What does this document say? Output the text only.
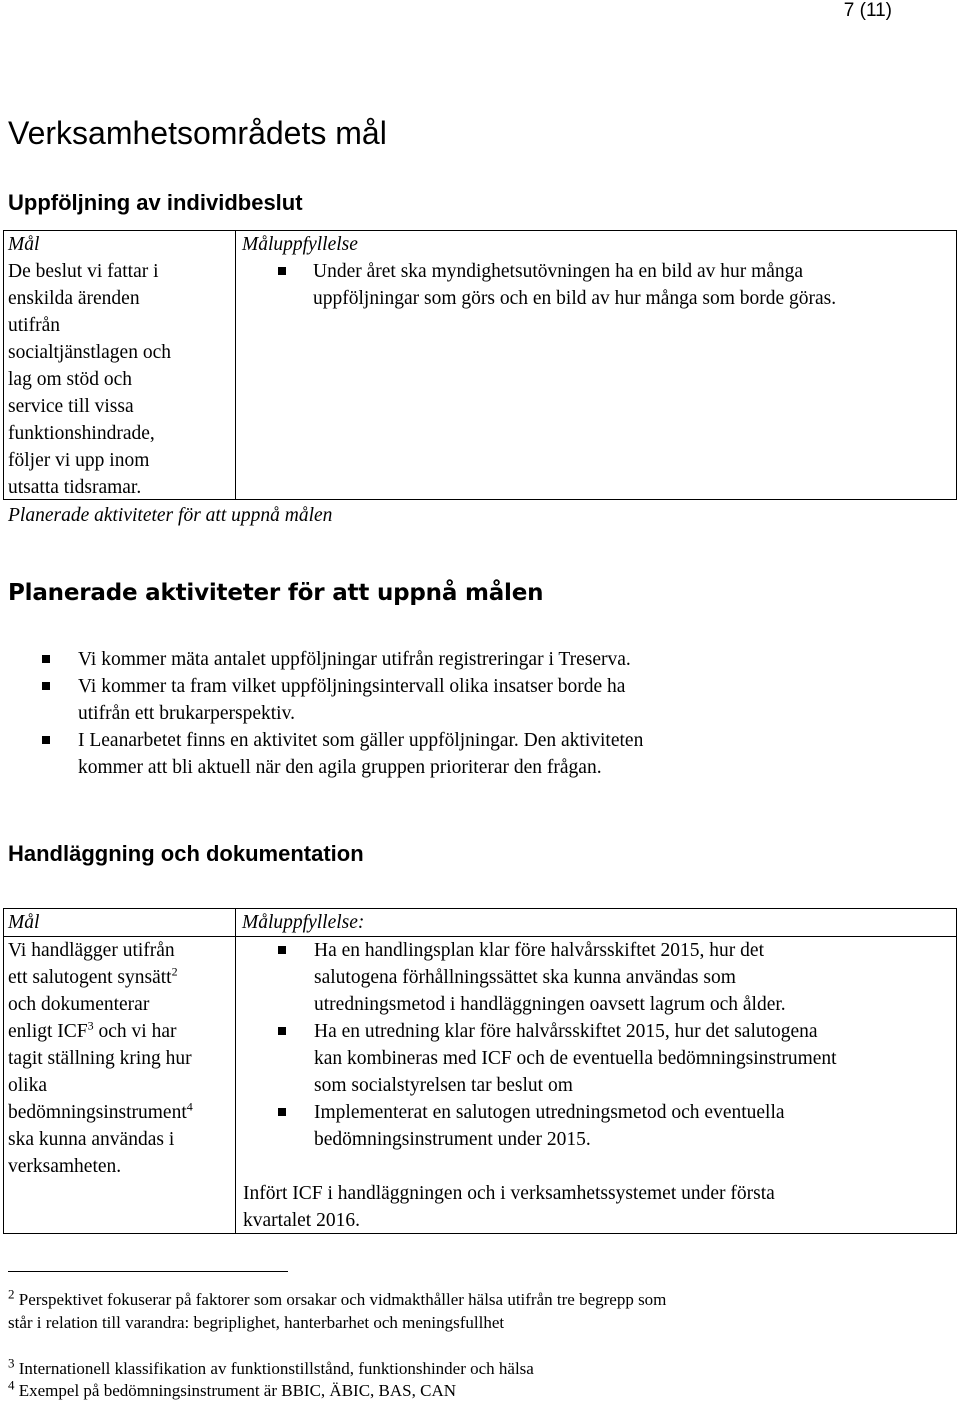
7 (11)
Verksamhetsområdets mål
Uppföljning av individbeslut
Mål	Måluppfyllelse
De beslut vi fattar i
enskilda ärenden
utifrån
socialtjänstlagen och
lag om stöd och
service till vissa
funktionshindrade,
följer vi upp inom
utsatta tidsramar.
Under året ska myndighetsutövningen ha en bild av hur många
uppföljningar som görs och en bild av hur många som borde göras.
Planerade aktiviteter för att uppnå målen
Planerade aktiviteter för att uppnå målen
Vi kommer mäta antalet uppföljningar utifrån registreringar i Treserva.
Vi kommer ta fram vilket uppföljningsintervall olika insatser borde ha
utifrån ett brukarperspektiv.
I Leanarbetet finns en aktivitet som gäller uppföljningar. Den aktiviteten
kommer att bli aktuell när den agila gruppen prioriterar den frågan.
Handläggning och dokumentation
Mål	Måluppfyllelse:
Vi handlägger utifrån
ett salutogent synsätt$^2$
och dokumenterar
enligt ICF$^3$ och vi har
tagit ställning kring hur
olika
bedömningsinstrument$^4$
ska kunna användas i
verksamheten.
Ha en handlingsplan klar före halvårsskiftet 2015, hur det
salutogena förhållningssättet ska kunna användas som
utredningsmetod i handläggningen oavsett lagrum och ålder.
Ha en utredning klar före halvårsskiftet 2015, hur det salutogena
kan kombineras med ICF och de eventuella bedömningsinstrument
som socialstyrelsen tar beslut om
Implementerat en salutogen utredningsmetod och eventuella
bedömningsinstrument under 2015.
Infört ICF i handläggningen och i verksamhetssystemet under första
kvartalet 2016.
$^2$ Perspektivet fokuserar på faktorer som orsakar och vidmakthåller hälsa utifrån tre begrepp som
står i relation till varandra: begriplighet, hanterbarhet och meningsfullhet
$^3$ Internationell klassifikation av funktionstillstånd, funktionshinder och hälsa
$^4$ Exempel på bedömningsinstrument är BBIC, ÄBIC, BAS, CAN
